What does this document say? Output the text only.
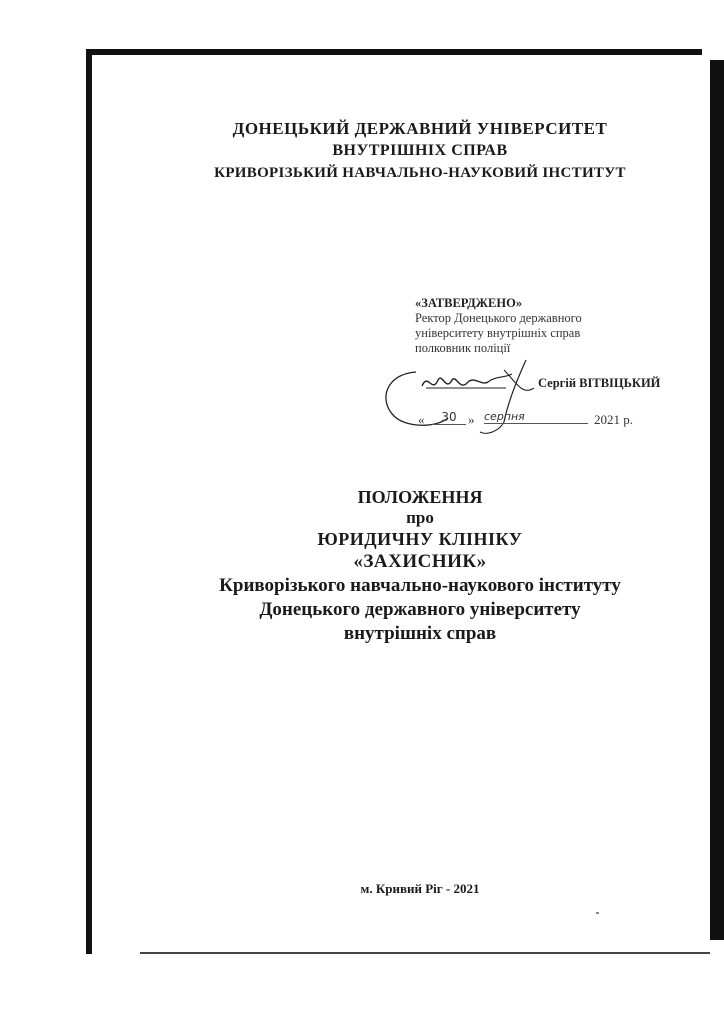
ДОНЕЦЬКИЙ ДЕРЖАВНИЙ УНІВЕРСИТЕТ
ВНУТРІШНІХ СПРАВ
КРИВОРІЗЬКИЙ НАВЧАЛЬНО-НАУКОВИЙ ІНСТИТУТ
«ЗАТВЕРДЖЕНО»
Ректор Донецького державного
університету внутрішніх справ
полковник поліції
Сергій ВІТВІЦЬКИЙ
«	30 » серпня	2021 р.
ПОЛОЖЕННЯ
про
ЮРИДИЧНУ КЛІНІКУ
«ЗАХИСНИК»
Криворізького навчально-наукового інституту
Донецького державного університету
внутрішніх справ
м. Кривий Ріг - 2021
